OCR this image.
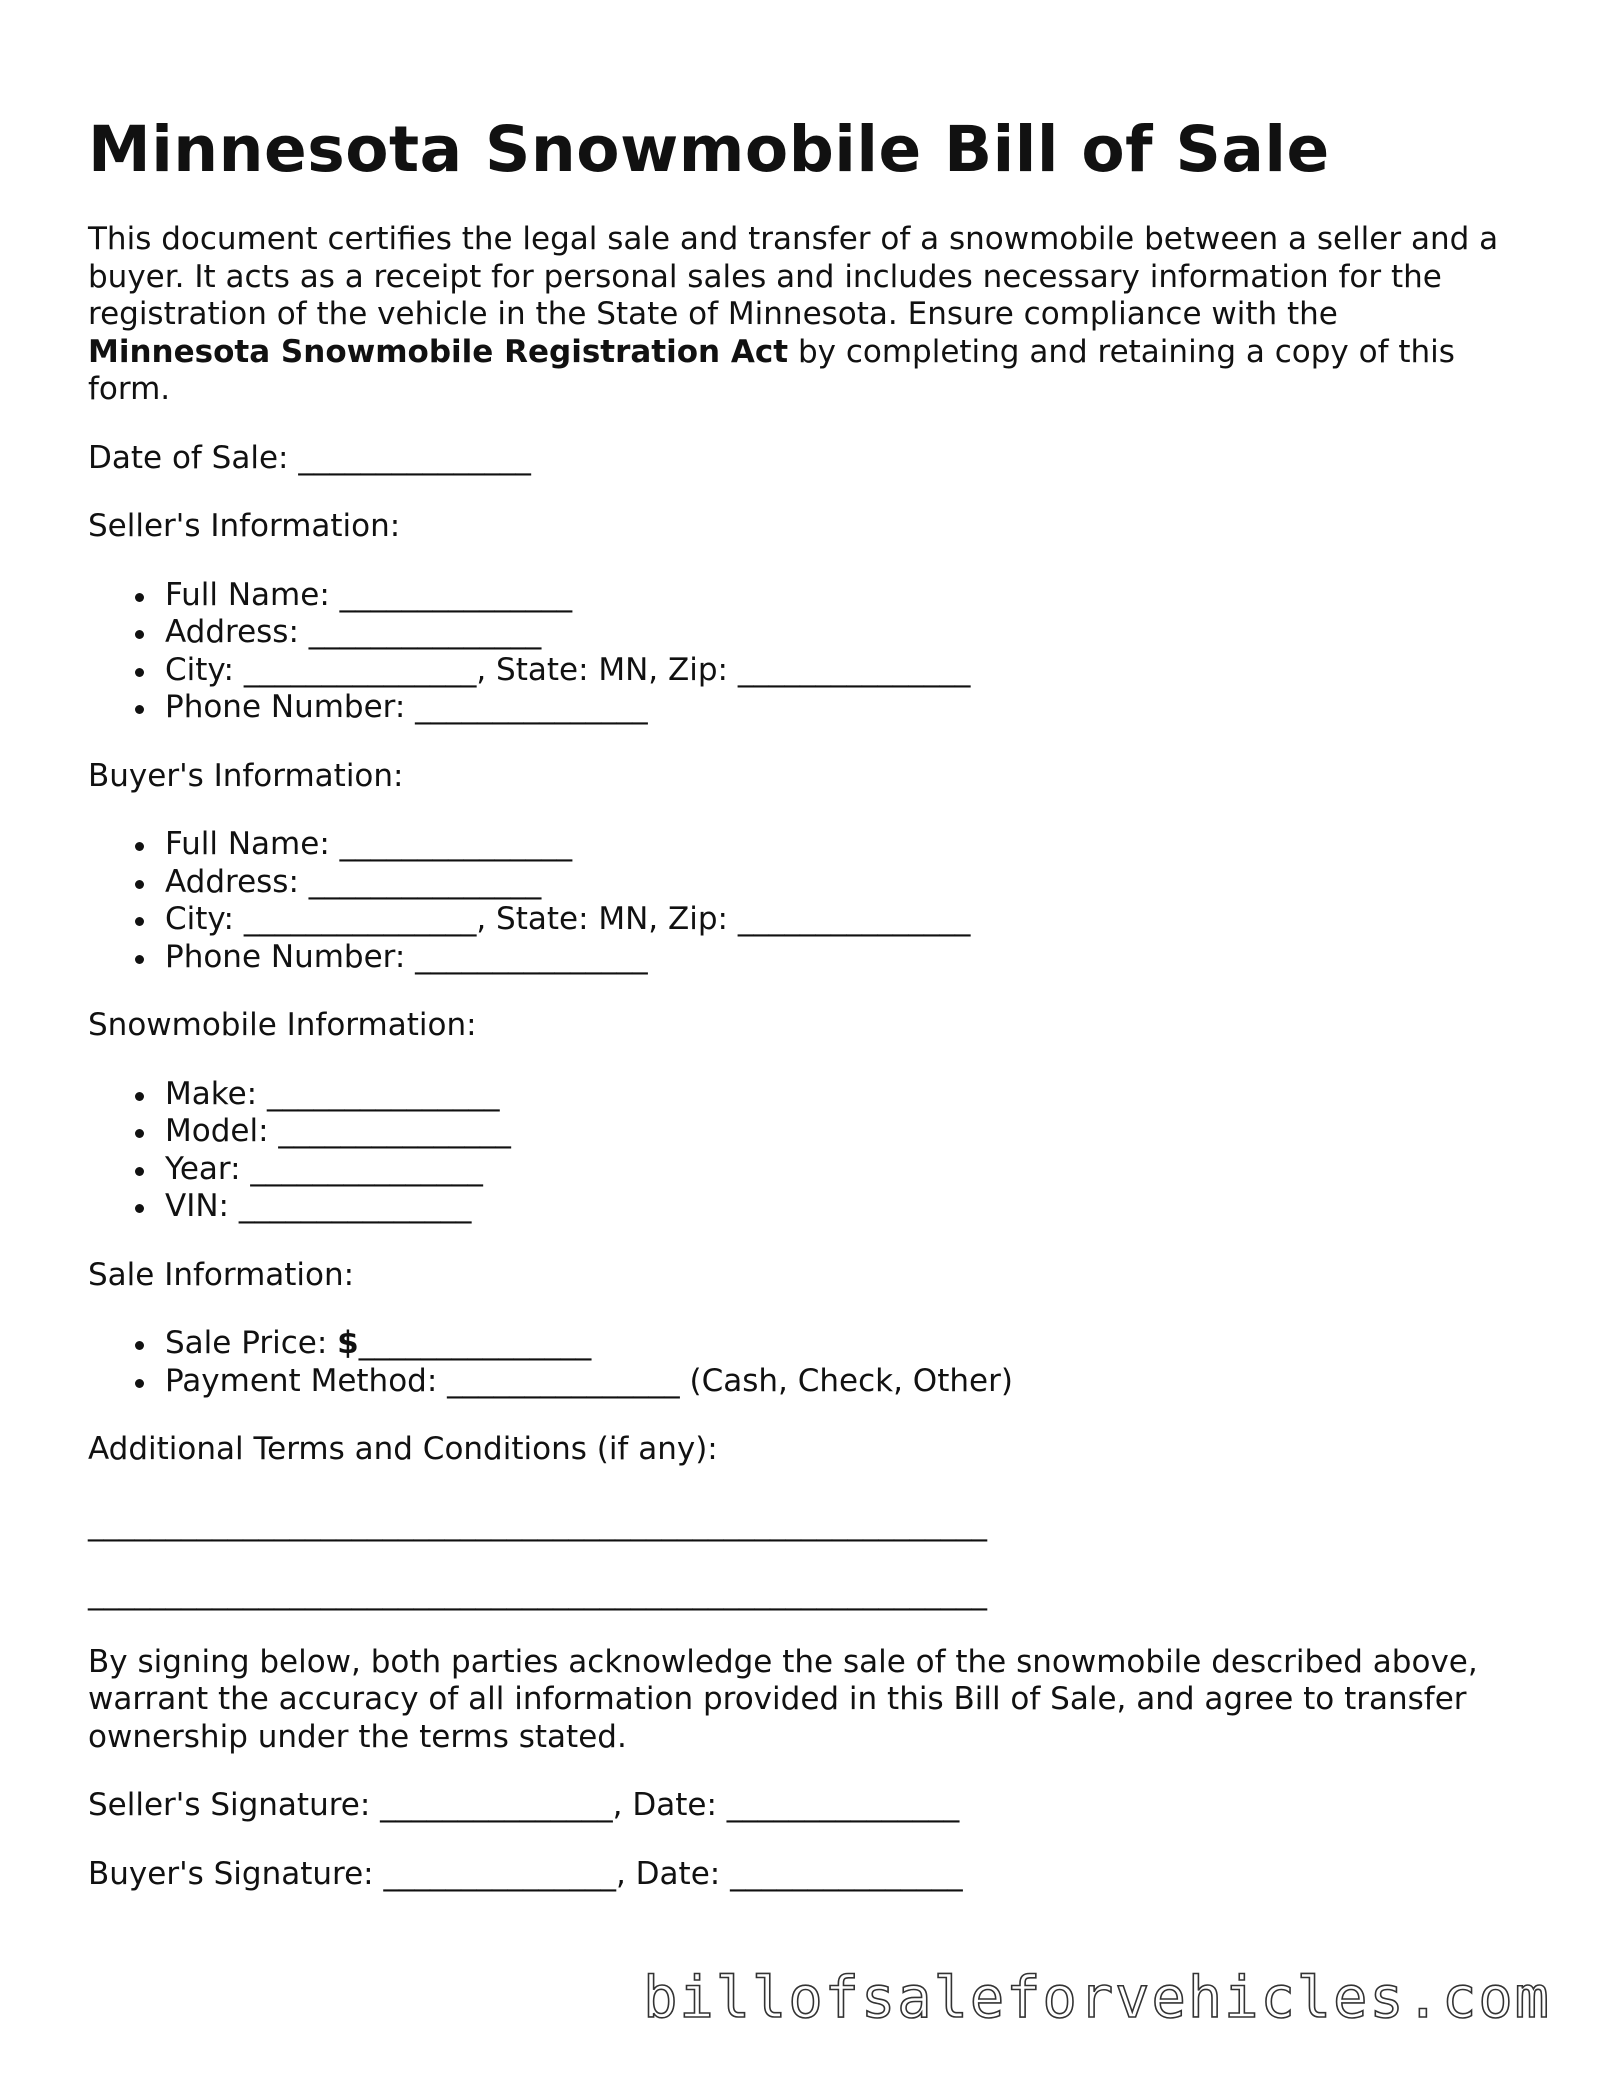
Minnesota Snowmobile Bill of Sale

This document certifies the legal sale and transfer of a snowmobile between a seller and a buyer. It acts as a receipt for personal sales and includes necessary information for the registration of the vehicle in the State of Minnesota. Ensure compliance with the Minnesota Snowmobile Registration Act by completing and retaining a copy of this form.

Date of Sale: _______________

Seller's Information:

Full Name: _______________
Address: _______________
City: _______________, State: MN, Zip: _______________
Phone Number: _______________

Buyer's Information:

Full Name: _______________
Address: _______________
City: _______________, State: MN, Zip: _______________
Phone Number: _______________

Snowmobile Information:

Make: _______________
Model: _______________
Year: _______________
VIN: _______________

Sale Information:

Sale Price: $_______________
Payment Method: _______________ (Cash, Check, Other)

Additional Terms and Conditions (if any):

__________________________________________________________
__________________________________________________________

By signing below, both parties acknowledge the sale of the snowmobile described above, warrant the accuracy of all information provided in this Bill of Sale, and agree to transfer ownership under the terms stated.

Seller's Signature: _______________, Date: _______________

Buyer's Signature: _______________, Date: _______________

billofsaleforvehicles.com
